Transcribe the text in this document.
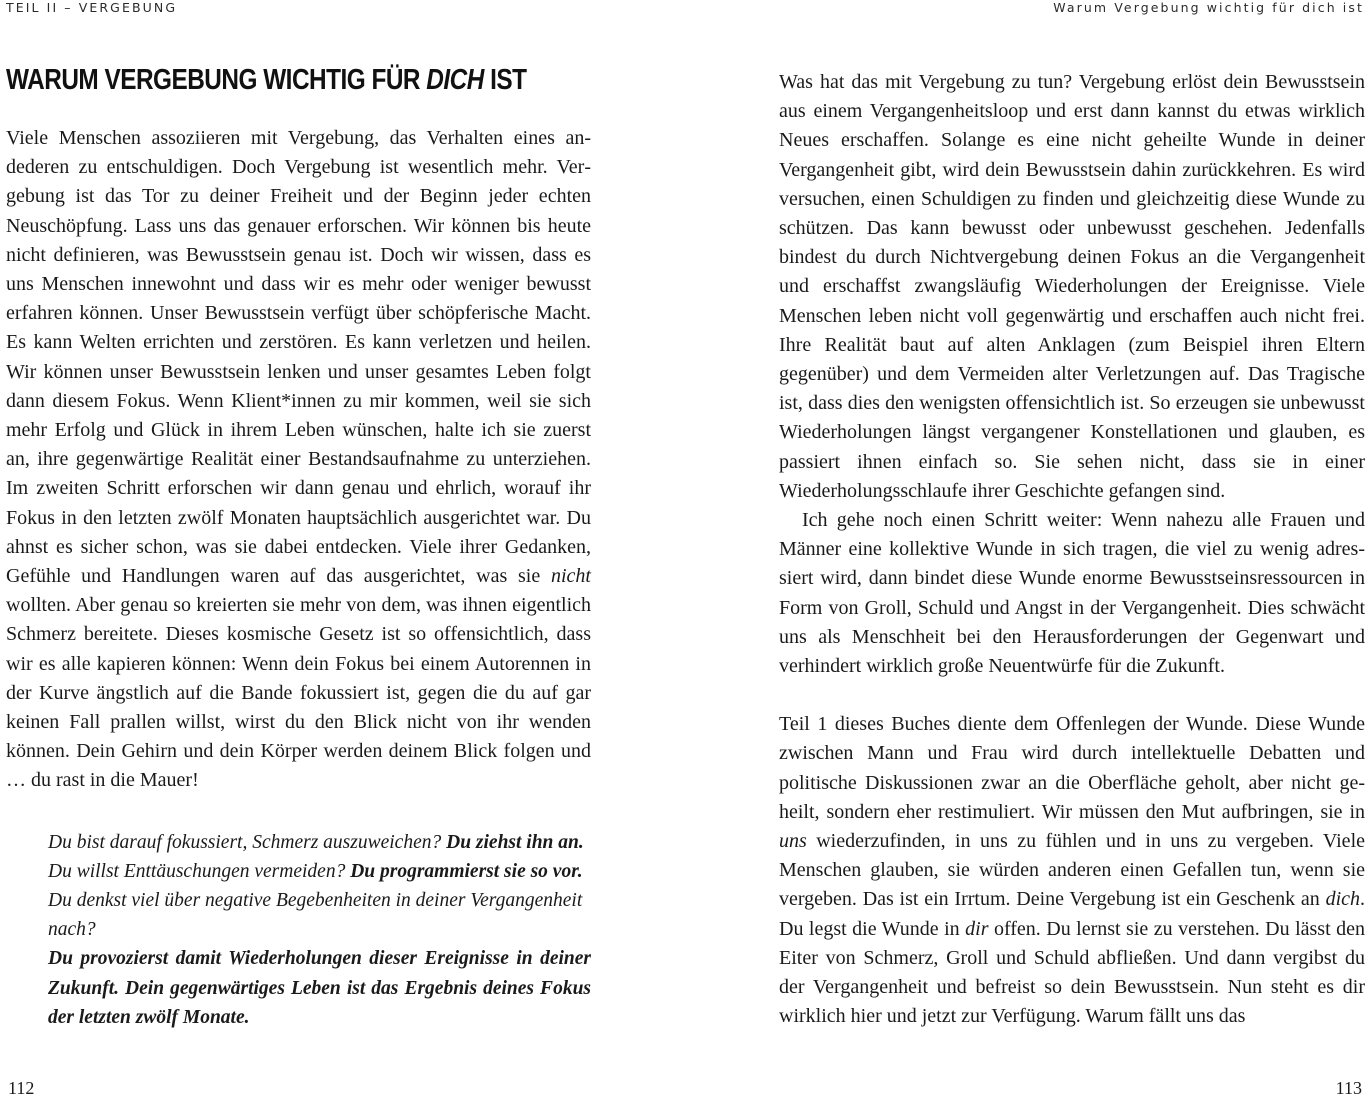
TEIL II – VERGEBUNG	Warum Vergebung wichtig für dich ist
WARUM VERGEBUNG WICHTIG FÜR DICH IST

Viele Menschen assoziieren mit Vergebung, das Verhalten eines andederen zu entschuldigen. Doch Vergebung ist wesentlich mehr. Vergebung ist das Tor zu deiner Freiheit und der Beginn jeder echten Neuschöpfung. Lass uns das genauer erforschen. Wir können bis heute nicht definieren, was Bewusstsein genau ist. Doch wir wissen, dass es uns Menschen innewohnt und dass wir es mehr oder weniger bewusst erfahren können. Unser Bewusstsein verfügt über schöpferische Macht. Es kann Welten errichten und zerstören. Es kann verletzen und heilen. Wir können unser Bewusstsein lenken und unser gesamtes Leben folgt dann diesem Fokus. Wenn Klient*innen zu mir kommen, weil sie sich mehr Erfolg und Glück in ihrem Leben wünschen, halte ich sie zuerst an, ihre gegenwärtige Realität einer Bestandsaufnahme zu unterziehen. Im zweiten Schritt erforschen wir dann genau und ehrlich, worauf ihr Fokus in den letzten zwölf Monaten hauptsächlich ausgerichtet war. Du ahnst es sicher schon, was sie dabei entdecken. Viele ihrer Gedanken, Gefühle und Handlungen waren auf das ausgerichtet, was sie nicht wollten. Aber genau so kreierten sie mehr von dem, was ihnen eigentlich Schmerz bereitete. Dieses kosmische Gesetz ist so offensichtlich, dass wir es alle kapieren können: Wenn dein Fokus bei einem Autorennen in der Kurve ängstlich auf die Bande fokussiert ist, gegen die du auf gar keinen Fall prallen willst, wirst du den Blick nicht von ihr wenden können. Dein Gehirn und dein Körper werden deinem Blick folgen und … du rast in die Mauer!

Du bist darauf fokussiert, Schmerz auszuweichen? Du ziehst ihn an.

Du willst Enttäuschungen vermeiden? Du programmierst sie so vor.

Du denkst viel über negative Begebenheiten in deiner Vergangenheit nach?

Du provozierst damit Wiederholungen dieser Ereignisse in deiner Zukunft. Dein gegenwärtiges Leben ist das Ergebnis deines Fokus der letzten zwölf Monate.

Was hat das mit Vergebung zu tun? Vergebung erlöst dein Bewusstsein aus einem Vergangenheitsloop und erst dann kannst du etwas wirklich Neues erschaffen. Solange es eine nicht geheilte Wunde in deiner Vergangenheit gibt, wird dein Bewusstsein dahin zurückkehren. Es wird versuchen, einen Schuldigen zu finden und gleichzeitig diese Wunde zu schützen. Das kann bewusst oder unbewusst geschehen. Jedenfalls bindest du durch Nichtvergebung deinen Fokus an die Vergangenheit und erschaffst zwangsläufig Wiederholungen der Ereignisse. Viele Menschen leben nicht voll gegenwärtig und erschaffen auch nicht frei. Ihre Realität baut auf alten Anklagen (zum Beispiel ihren Eltern gegenüber) und dem Vermeiden alter Verletzungen auf. Das Tragische ist, dass dies den wenigsten offensichtlich ist. So erzeugen sie unbewusst Wiederholungen längst vergangener Konstellationen und glauben, es passiert ihnen einfach so. Sie sehen nicht, dass sie in einer Wiederholungsschlaufe ihrer Geschichte gefangen sind.

Ich gehe noch einen Schritt weiter: Wenn nahezu alle Frauen und Männer eine kollektive Wunde in sich tragen, die viel zu wenig adressiert wird, dann bindet diese Wunde enorme Bewusstseinsressourcen in Form von Groll, Schuld und Angst in der Vergangenheit. Dies schwächt uns als Menschheit bei den Herausforderungen der Gegenwart und verhindert wirklich große Neuentwürfe für die Zukunft.

Teil 1 dieses Buches diente dem Offenlegen der Wunde. Diese Wunde zwischen Mann und Frau wird durch intellektuelle Debatten und politische Diskussionen zwar an die Oberfläche geholt, aber nicht geheilt, sondern eher restimuliert. Wir müssen den Mut aufbringen, sie in uns wiederzufinden, in uns zu fühlen und in uns zu vergeben. Viele Menschen glauben, sie würden anderen einen Gefallen tun, wenn sie vergeben. Das ist ein Irrtum. Deine Vergebung ist ein Geschenk an dich. Du legst die Wunde in dir offen. Du lernst sie zu verstehen. Du lässt den Eiter von Schmerz, Groll und Schuld abfließen. Und dann vergibst du der Vergangenheit und befreist so dein Bewusstsein. Nun steht es dir wirklich hier und jetzt zur Verfügung. Warum fällt uns das

112	113
